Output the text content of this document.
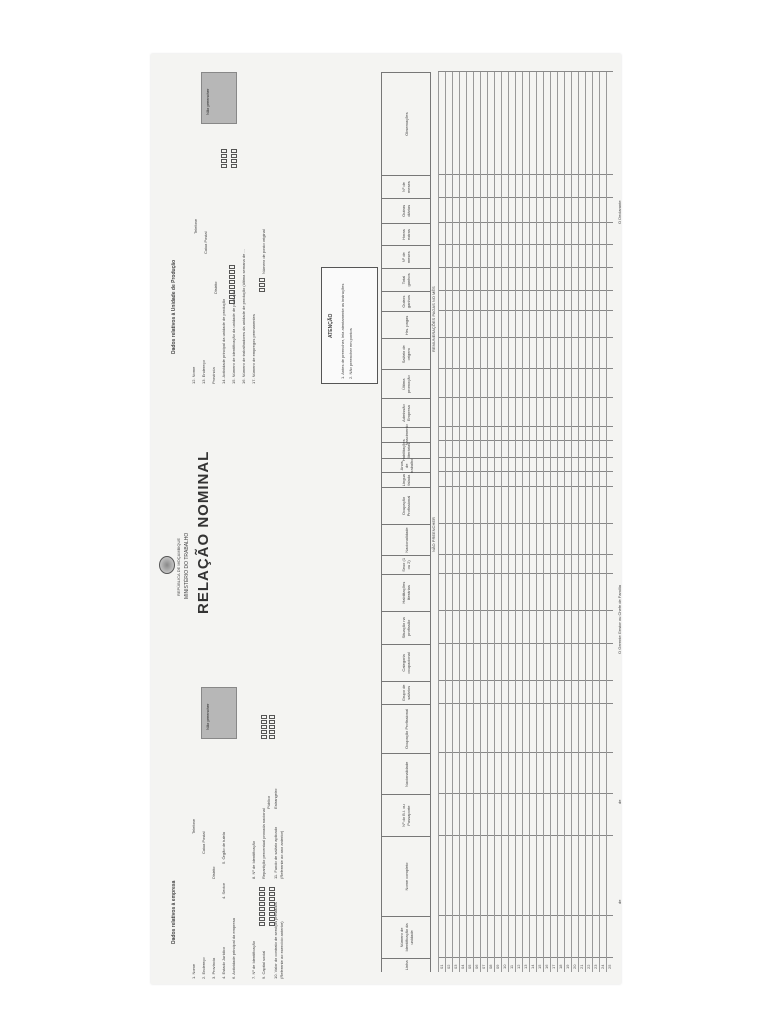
Dados relativos à empresa
1. Nome 2. Endereço 3. Província 4. Estado Jurídico 6. Actividade principal da empresa
Telefone
Caixa Postal
Distrito
4. Sector
5. Órgão de tutela
7. Nº de Identificação
8. Nº de Identificação
9. Capital social
Repartição percentual provada nacional
10. Valor do contrato de serviços prestados (Referente ao exercício anterior)
Público Estrangeiro
11. Fundo de salário aplicado (Referente ao ano anterior)
Não preencher
REPÚBLICA DE MOÇAMBIQUE MINISTÉRIO DO TRABALHO RELAÇÃO NOMINAL
Dados relativos à Unidade de Produção
12. Nome 13. Endereço Província 14. Actividade principal da unidade de produção 15. Número de identificação da unidade de produção 16. Número de trabalhadores da unidade de produção (última semana de ... 17. Número de empregos permanentes
Telefone
Caixa Postal
Distrito
Número de posto original
Não preencher
ATENÇÃO 1. Antes de preencher, leia atentamente as instruções 2. Não preencher em pontos
Linha
Número de Identificação da unidade
Nome completo
Nº do B.I. ou Passaporte
Nacionalidade
Ocupação Profissional
Grupo de salários
Categoria ocupacional
Situação na profissão
Habilitações literárias
Sexo (1 ou 2)
Nacionalidade
Ocupação Profissional
Língua falada
Anos de trabalho
Habilitações literárias
Nascimento
Admissão Empresa
Última promoção
Salário de origem
Hrs. pagas
Outros ganhos
Total ganhos
Nº de meses
Horas extras
Outras diárias
Nº de meses
Observações
NÃO PREENCHER
REMUNERAÇÕES PAGAS NO MÊS
01 02 03 04 05 06 07 08 09 10 11 12 13 14 15 16 17 18 19 20 21 22 23 24 25
O Gerente Gestor ou Chefe de Família
O Declarante
de
de
